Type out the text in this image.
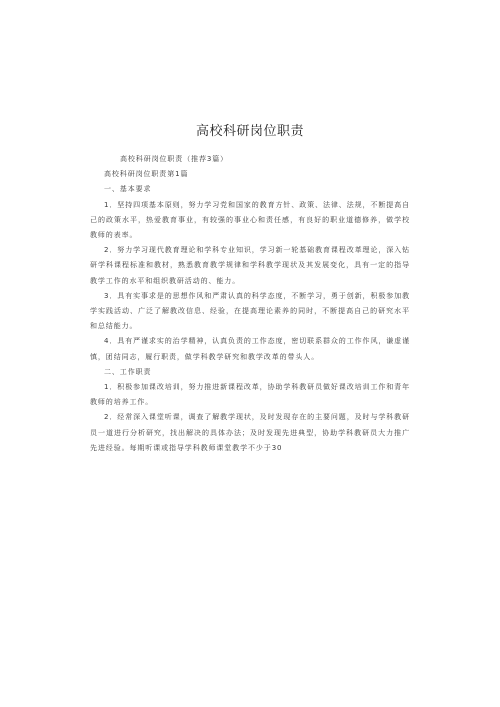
高校科研岗位职责

高校科研岗位职责（推荐3篇）

高校科研岗位职责第1篇

一、基本要求

1．坚持四项基本原则，努力学习党和国家的教育方针、政策、法律、法规，不断提高自己的政策水平，热爱教育事业，有较强的事业心和责任感，有良好的职业道德修养，做学校教师的表率。

2．努力学习现代教育理论和学科专业知识，学习新一轮基础教育课程改革理论，深入钻研学科课程标准和教材，熟悉教育教学规律和学科教学现状及其发展变化，具有一定的指导教学工作的水平和组织教研活动的、能力。

3．具有实事求是的思想作风和严肃认真的科学态度，不断学习，勇于创新，积极参加教学实践活动、广泛了解教改信息、经验，在提高理论素养的同时，不断提高自己的研究水平和总结能力。

4．具有严谨求实的治学精神，认真负责的工作态度，密切联系群众的工作作风，谦虚谨慎，团结同志，履行职责，做学科教学研究和教学改革的带头人。

二、工作职责

1．积极参加课改培训，努力推进新课程改革，协助学科教研员做好课改培训工作和青年教师的培养工作。

2．经常深入课堂听课，调查了解教学现状，及时发现存在的主要问题，及时与学科教研员一道进行分析研究，找出解决的具体办法；及时发现先进典型，协助学科教研员大力推广先进经验。每期听课或指导学科教师课堂教学不少于30
